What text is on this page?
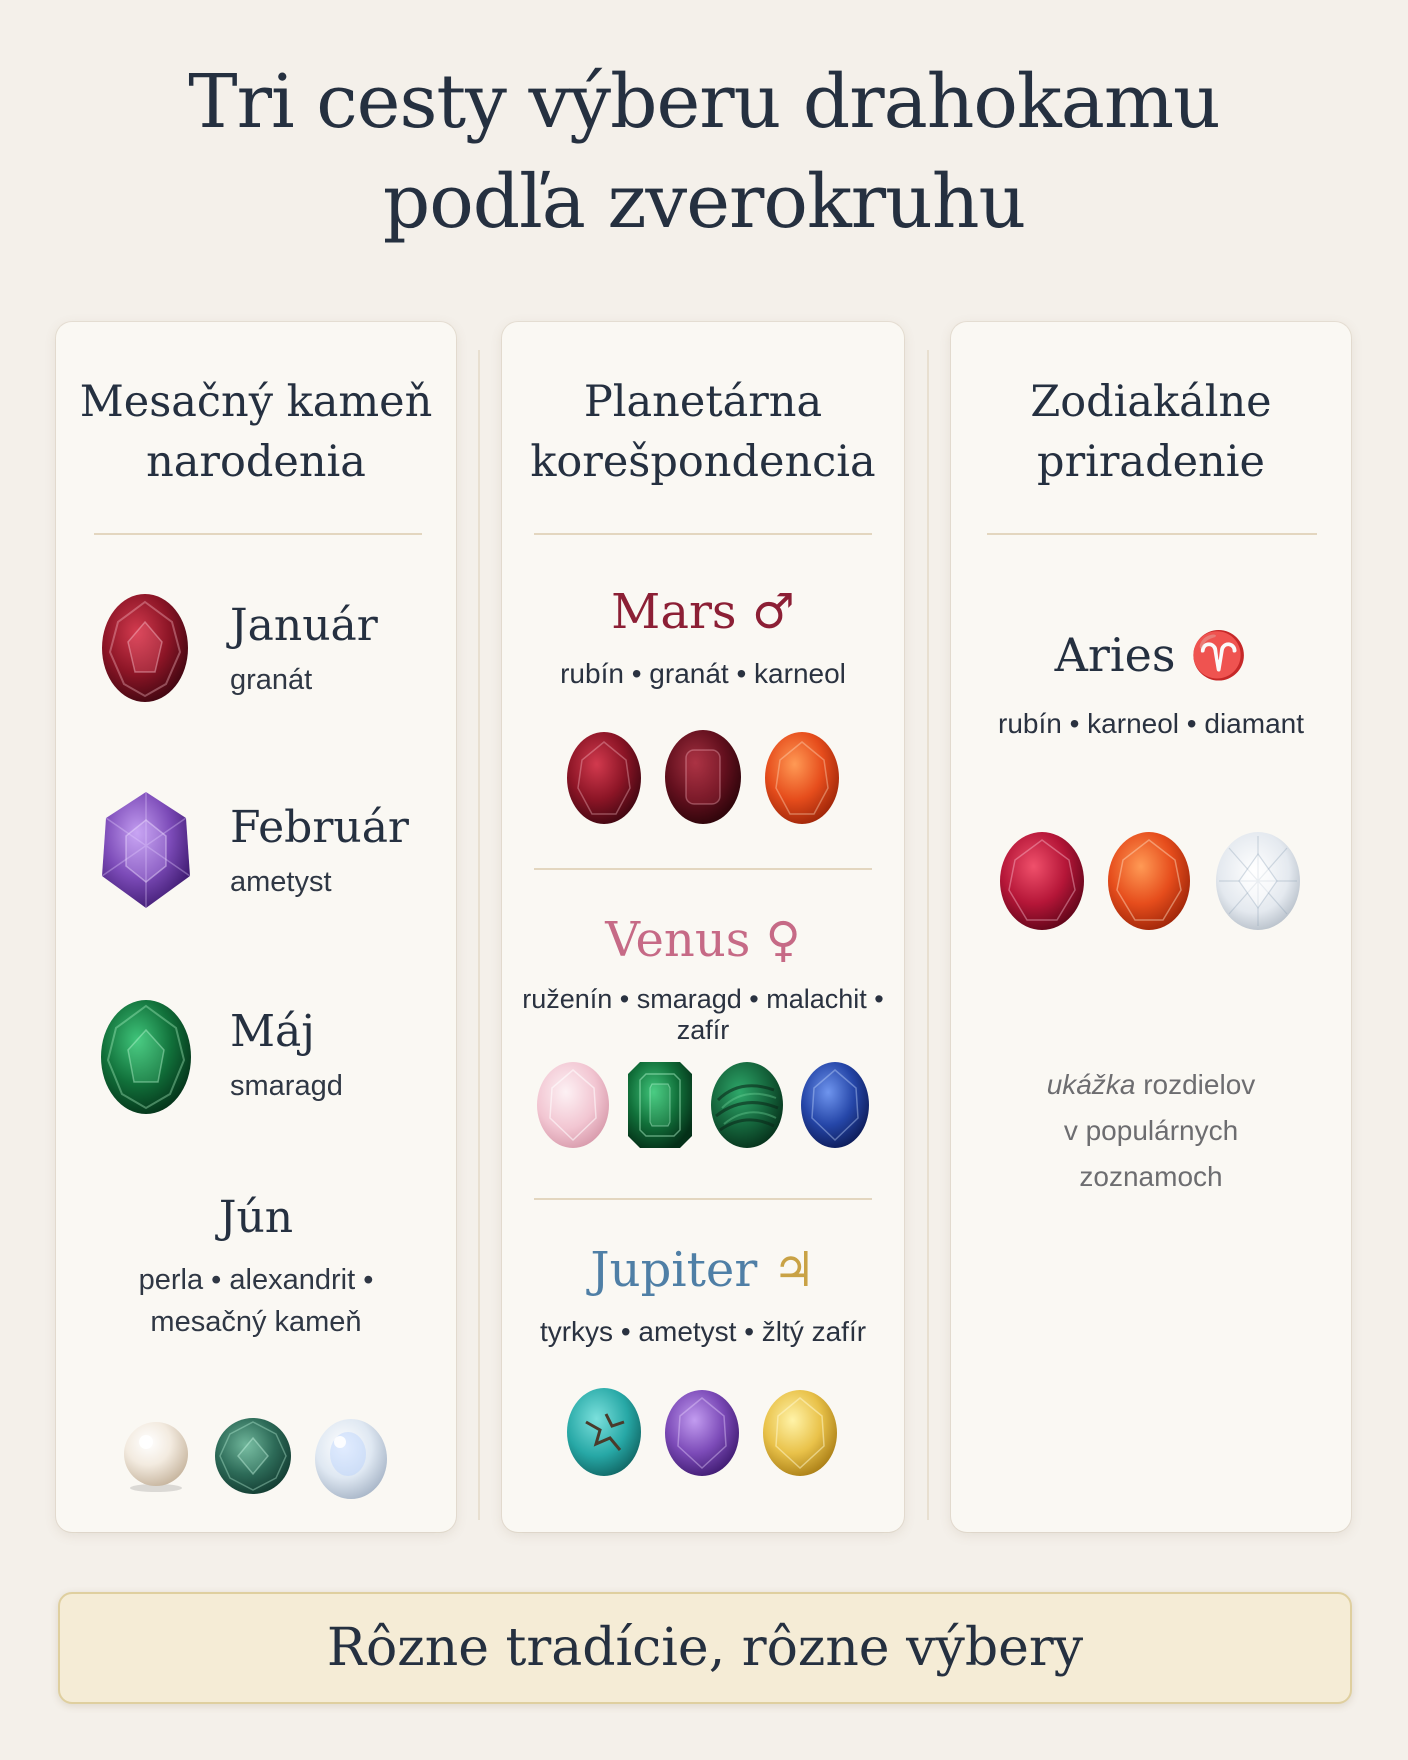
Tri cesty výberu drahokamu
podľa zverokruhu
Mesačný kameň
narodenia
Január
granát
Február
ametyst
Máj
smaragd
Jún
perla • alexandrit •
mesačný kameň
Planetárna
korešpondencia
Mars ♂
rubín • granát • karneol
Venus ♀
ruženín • smaragd • malachit • zafír
Jupiter ♃
tyrkys • ametyst • žltý zafír
Zodiakálne
priradenie
Aries ♈
rubín • karneol • diamant
ukážka rozdielov
v populárnych
zoznamoch
Rôzne tradície, rôzne výbery
